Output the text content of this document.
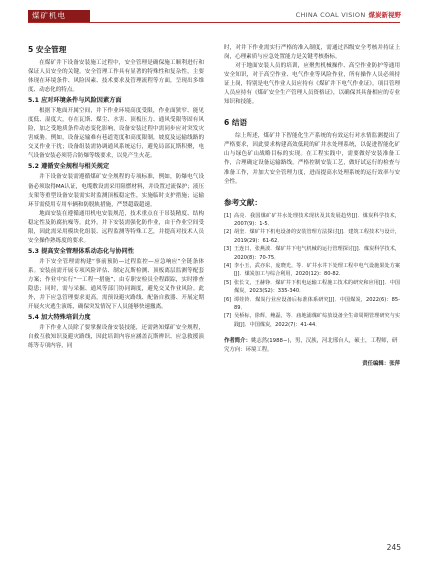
煤矿机电	CHINA COAL VISION 煤炭新视野
5 安全管理

在煤矿井下设备安装施工过程中，安全管理是确保施工顺利进行和保证人员安全的关键。安全管理工作具有显著的特殊性和复杂性，主要体现在环境条件、风险因素、技术要求及管理流程等方面，呈现出多维度、动态化的特点。

5.1 应对环境条件与风险因素方面

根据下地面开属空间，井下作业环境高度受限，作业面狭窄、能见度低、湿度大，存在瓦斯、煤尘、水害、顶板压力、通风受限等固有风险，加之受地质条件动态变化影响，设备安装过程中需同步应对突发灾害威胁。例如，设备运输难有巷道宽度和高度限制，坡度及运输线路的交叉作业干扰；设备组装需协调通风系统运行，避免局部瓦斯积聚，电气设备安装必须符合防爆等级要求，以免产生火花。

5.2 遵循安全规程与相关规定

井下设备安装需遵循煤矿安全规程的专项标准，例如，防爆电气设备必须取得MA认证，电缆敷设需采用阻燃材料，并设置过流保护；液压支架等重型设备安装需实时监测顶板稳定性，实施临时支护措施；运输环节需使用专用车辆和防脱轨措施，严禁超载超速。

地面安装在遵循通用机电安装规范，技术重点在于吊装精度、结构稳定性及防腐抗噪等。此外，井下安装需强化防作业，由于作业空间受限，因此需采用模块化组装、远程监测等特殊工艺，并提高对技术人员安全操作熟练度的要求。

5.3 提高安全管理体系动态化与协同性

井下安全管理需构建“事前预防—过程监控—应急响应”全链条体系。安装前需开展专项风险评估、制定瓦斯检测、顶板离层监测等配套方案；作业中实行“一工程一措施”，由专职安检员全程跟踪，实时排查隐患；同时，需与采掘、通风等部门协同调度，避免交叉作业风险。此外，井下应急管理要求更高，需预设避灾路线、配备自救器、开展定期开展火灾逃生演练，确保突发情况下人员能够快速撤离。

5.4 加大特殊培训力度

井下作业人员除了要掌握设备安装技能，还需熟知煤矿安全规程，自救互救知识及避灾路线，因此培训内容应涵盖瓦斯辨识、应急救援演练等专项内容，同

时，对井下作业需实行严格的准入制度，需通过四级安全考核并持证上岗，心理素质与应急处置能力是关键考核指标。

对于地面安装人员的培训，应聚焦机械操作、高空作业防护等通用安全知识，对于高空作业、电气作业等风险作业，所有操作人员必须持证上岗，特别是电气作业人员应持有《煤矿井下电气作业证》，项目管理人员应持有《煤矿安全生产管理人员资格证》，以确保其具备相应的专业知识和技能。

6 结语

综上所述，煤矿井下智能化生产系统的有效运行对水情监测提出了严格要求，因此要求构建高效低耗的矿井水处理系统，以促进智能化矿山与绿色矿山战略目标的实现。在工程实践中，需要做好安装准备工作，合理确定设备运输路线，严格控制安装工艺，做好试运行的检查与准备工作，并加大安全管理力度，进而提高水处理系统的运行效率与安全性。

参考文献：
[1] 高亮．我国煤矿矿井水处理技术现状及其发展趋势[J]．煤炭科学技术，2007(9)：1-5．
[2] 胡奎．煤矿井下机电设备的安装管理方法探讨[J]．建筑工程技术与设计，2019(29)：61-62．
[3] 王连日，张燕波．煤矿井下电气机械的运行管理探讨[J]．煤炭科学技术，2020(8)：70-75．
[4] 李小玉，武亦东，庞晓光，等．矿井水井下处理工程中电气设施果处方案[J]．煤炭加工与综合利用，2020(12)：80-82．
[5] 张长文，王赫铮．煤矿井下机电运输工程施工技术的研究和应用[J]．中国煤炭，2023(S2)：335-340．
[6] 谭娃铃．煤炭行业应设备后标准体系研究[J]．中国煤炭，2022(6)：85-89．
[7] 吴桥标，徐辉，鲍磊，等．庙地浦煤矿综放设备全生命周期管理研究与实践[J]．中国煤炭，2022(7)：41-44．
作者简介：姚志然(1988−)，男，汉族，河北邢台人，硕士，工程师，研究方向：环境工程。
责任编辑：张萍
245
